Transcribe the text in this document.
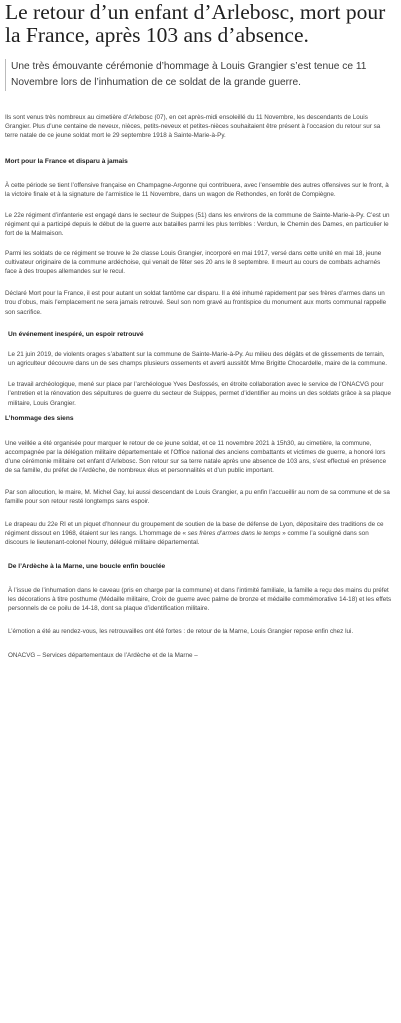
Le retour d’un enfant d’Arlebosc, mort pour la France, après 103 ans d’absence.
Une très émouvante cérémonie d’hommage à Louis Grangier s’est tenue ce 11 Novembre lors de l’inhumation de ce soldat de la grande guerre.

Ils sont venus très nombreux au cimetière d’Arlebosc (07), en cet après-midi ensoleillé du 11 Novembre, les descendants de Louis Grangier. Plus d’une centaine de neveux, nièces, petits-neveux et petites-nièces souhaitaient être présent à l’occasion du retour sur sa terre natale de ce jeune soldat mort le 29 septembre 1918 à Sainte-Marie-à-Py.

Mort pour la France et disparu à jamais

À cette période se tient l’offensive française en Champagne-Argonne qui contribuera, avec l’ensemble des autres offensives sur le front, à la victoire finale et à la signature de l’armistice le 11 Novembre, dans un wagon de Rethondes, en forêt de Compiègne.

Le 22e régiment d’infanterie est engagé dans le secteur de Suippes (51) dans les environs de la commune de Sainte-Marie-à-Py. C’est un régiment qui a participé depuis le début de la guerre aux batailles parmi les plus terribles : Verdun, le Chemin des Dames, en particulier le fort de la Malmaison.

Parmi les soldats de ce régiment se trouve le 2e classe Louis Grangier, incorporé en mai 1917, versé dans cette unité en mai 18, jeune cultivateur originaire de la commune ardéchoise, qui venait de fêter ses 20 ans le 8 septembre. Il meurt au cours de combats acharnés face à des troupes allemandes sur le recul.

Déclaré Mort pour la France, il est pour autant un soldat fantôme car disparu. Il a été inhumé rapidement par ses frères d’armes dans un trou d’obus, mais l’emplacement ne sera jamais retrouvé. Seul son nom gravé au frontispice du monument aux morts communal rappelle son sacrifice.

Un événement inespéré, un espoir retrouvé

Le 21 juin 2019, de violents orages s’abattent sur la commune de Sainte-Marie-à-Py. Au milieu des dégâts et de glissements de terrain, un agriculteur découvre dans un de ses champs plusieurs ossements et averti aussitôt Mme Brigitte Chocardelle, maire de la commune.

Le travail archéologique, mené sur place par l’archéologue Yves Desfossés, en étroite collaboration avec le service de l’ONACVG pour l’entretien et la rénovation des sépultures de guerre du secteur de Suippes, permet d’identifier au moins un des soldats grâce à sa plaque militaire, Louis Grangier.

L’hommage des siens

Une veillée a été organisée pour marquer le retour de ce jeune soldat, et ce 11 novembre 2021 à 15h30, au cimetière, la commune, accompagnée par la délégation militaire départementale et l’Office national des anciens combattants et victimes de guerre, a honoré lors d’une cérémonie militaire cet enfant d’Arlebosc. Son retour sur sa terre natale après une absence de 103 ans, s’est effectué en présence de sa famille, du préfet de l’Ardèche, de nombreux élus et personnalités et d’un public important.

Par son allocution, le maire, M. Michel Gay, lui aussi descendant de Louis Grangier, a pu enfin l’accueillir au nom de sa commune et de sa famille pour son retour resté longtemps sans espoir.

Le drapeau du 22e RI et un piquet d’honneur du groupement de soutien de la base de défense de Lyon, dépositaire des traditions de ce régiment dissout en 1968, étaient sur les rangs. L’hommage de « ses frères d’armes dans le temps » comme l’a souligné dans son discours le lieutenant-colonel Nourry, délégué militaire départemental.

De l’Ardèche à la Marne, une boucle enfin bouclée

À l’issue de l’inhumation dans le caveau (pris en charge par la commune) et dans l’intimité familiale, la famille a reçu des mains du préfet les décorations à titre posthume (Médaille militaire, Croix de guerre avec palme de bronze et médaille commémorative 14-18) et les effets personnels de ce poilu de 14-18, dont sa plaque d’identification militaire.

L’émotion a été au rendez-vous, les retrouvailles ont été fortes : de retour de la Marne, Louis Grangier repose enfin chez lui.

ONACVG – Services départementaux de l’Ardèche et de la Marne –
